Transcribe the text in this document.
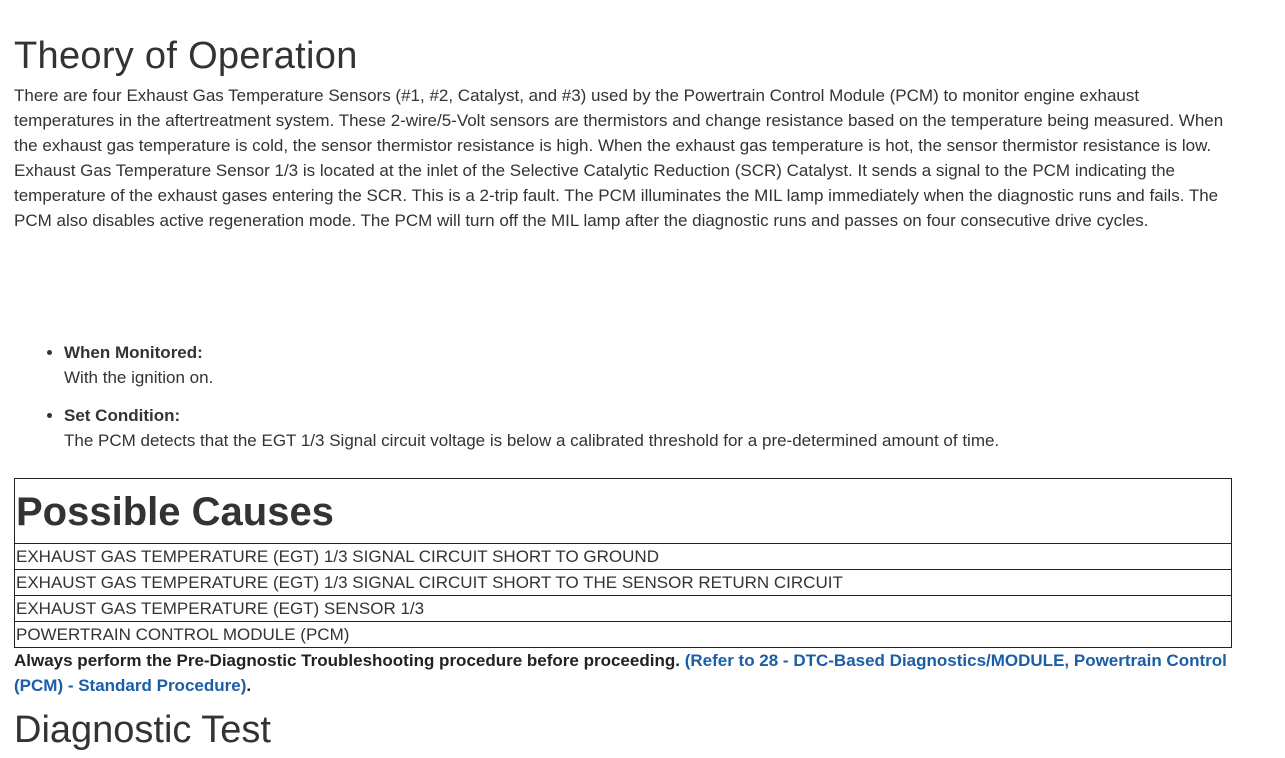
Theory of Operation

There are four Exhaust Gas Temperature Sensors (#1, #2, Catalyst, and #3) used by the Powertrain Control Module (PCM) to monitor engine exhaust temperatures in the aftertreatment system. These 2-wire/5-Volt sensors are thermistors and change resistance based on the temperature being measured. When the exhaust gas temperature is cold, the sensor thermistor resistance is high. When the exhaust gas temperature is hot, the sensor thermistor resistance is low. Exhaust Gas Temperature Sensor 1/3 is located at the inlet of the Selective Catalytic Reduction (SCR) Catalyst. It sends a signal to the PCM indicating the temperature of the exhaust gases entering the SCR. This is a 2-trip fault. The PCM illuminates the MIL lamp immediately when the diagnostic runs and fails. The PCM also disables active regeneration mode. The PCM will turn off the MIL lamp after the diagnostic runs and passes on four consecutive drive cycles.

• When Monitored:
With the ignition on.
• Set Condition:
The PCM detects that the EGT 1/3 Signal circuit voltage is below a calibrated threshold for a pre-determined amount of time.
Possible Causes
EXHAUST GAS TEMPERATURE (EGT) 1/3 SIGNAL CIRCUIT SHORT TO GROUND
EXHAUST GAS TEMPERATURE (EGT) 1/3 SIGNAL CIRCUIT SHORT TO THE SENSOR RETURN CIRCUIT
EXHAUST GAS TEMPERATURE (EGT) SENSOR 1/3
POWERTRAIN CONTROL MODULE (PCM)

Always perform the Pre-Diagnostic Troubleshooting procedure before proceeding. (Refer to 28 - DTC-Based Diagnostics/MODULE, Powertrain Control (PCM) - Standard Procedure).

Diagnostic Test
